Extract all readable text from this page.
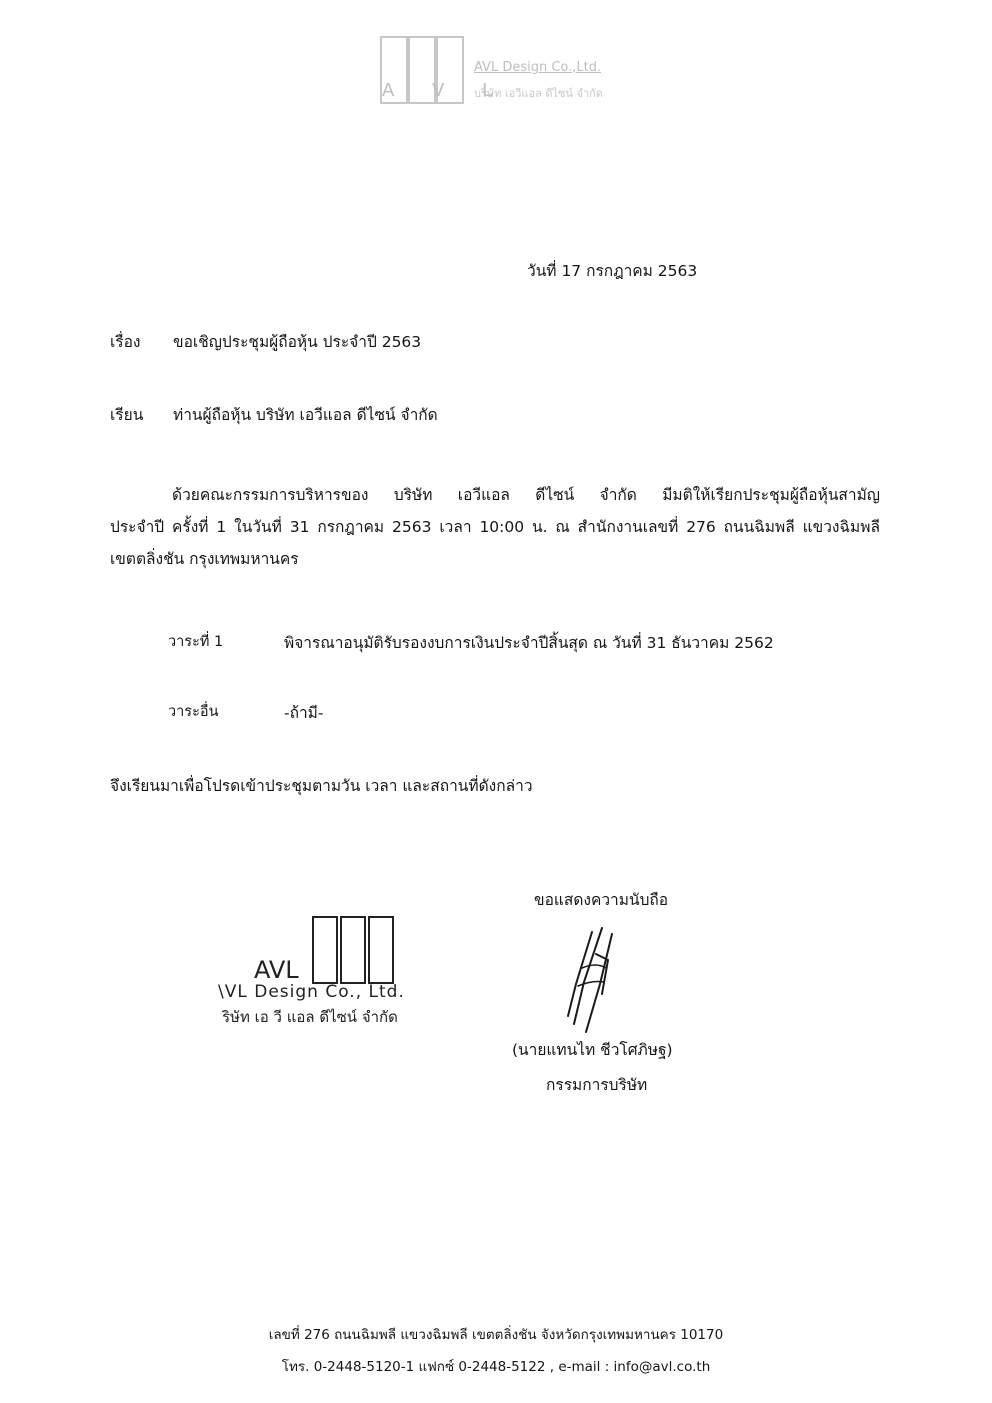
A V L
AVL Design Co.,Ltd.
บริษัท เอวีแอล ดีไซน์ จำกัด
วันที่ 17 กรกฎาคม 2563
เรื่อง ขอเชิญประชุมผู้ถือหุ้น ประจำปี 2563
เรียน ท่านผู้ถือหุ้น บริษัท เอวีแอล ดีไซน์ จำกัด
ด้วยคณะกรรมการบริหารของ บริษัท เอวีแอล ดีไซน์ จำกัด มีมติให้เรียกประชุมผู้ถือหุ้นสามัญ
ประจำปี ครั้งที่ 1 ในวันที่ 31 กรกฎาคม 2563 เวลา 10:00 น. ณ สำนักงานเลขที่ 276 ถนนฉิมพลี แขวงฉิมพลี
เขตตลิ่งชัน กรุงเทพมหานคร
วาระที่ 1	พิจารณาอนุมัติรับรองงบการเงินประจำปีสิ้นสุด ณ วันที่ 31 ธันวาคม 2562
วาระอื่น	-ถ้ามี-
จึงเรียนมาเพื่อโปรดเข้าประชุมตามวัน เวลา และสถานที่ดังกล่าว
ขอแสดงความนับถือ
AVL
\VL Design Co., Ltd.
ริษัท เอ วี แอล ดีไซน์ จำกัด
(นายแทนไท ชีวโศภิษฐ)
กรรมการบริษัท
เลขที่ 276 ถนนฉิมพลี แขวงฉิมพลี เขตตลิ่งชัน จังหวัดกรุงเทพมหานคร 10170
โทร. 0-2448-5120-1 แฟกซ์ 0-2448-5122 , e-mail : info@avl.co.th
